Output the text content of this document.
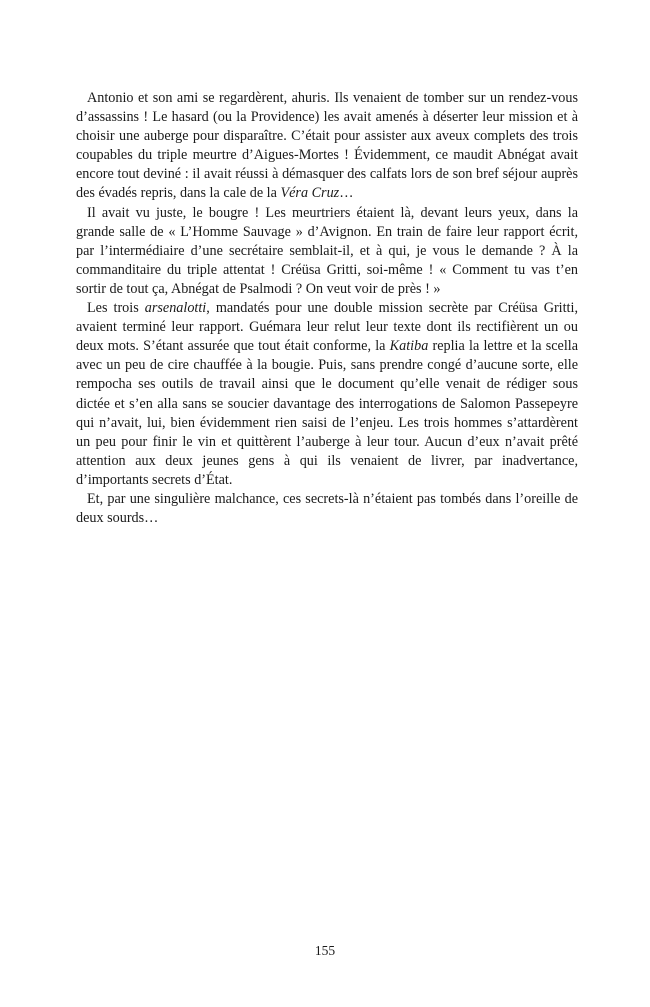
Antonio et son ami se regardèrent, ahuris. Ils venaient de tomber sur un rendez-vous d’assassins ! Le hasard (ou la Providence) les avait amenés à déserter leur mission et à choisir une auberge pour disparaître. C’était pour assister aux aveux complets des trois coupables du triple meurtre d’Aigues-Mortes ! Évidemment, ce maudit Abnégat avait encore tout deviné : il avait réussi à démasquer des calfats lors de son bref séjour auprès des évadés repris, dans la cale de la Véra Cruz…

Il avait vu juste, le bougre ! Les meurtriers étaient là, devant leurs yeux, dans la grande salle de « L’Homme Sauvage » d’Avignon. En train de faire leur rapport écrit, par l’intermédiaire d’une secrétaire semblait-il, et à qui, je vous le demande ? À la commanditaire du triple attentat ! Créüsa Gritti, soi-même ! « Comment tu vas t’en sortir de tout ça, Abnégat de Psalmodi ? On veut voir de près ! »

Les trois arsenalotti, mandatés pour une double mission secrète par Créüsa Gritti, avaient terminé leur rapport. Guémara leur relut leur texte dont ils rectifièrent un ou deux mots. S’étant assurée que tout était conforme, la Katiba replia la lettre et la scella avec un peu de cire chauffée à la bougie. Puis, sans prendre congé d’aucune sorte, elle rempocha ses outils de travail ainsi que le document qu’elle venait de rédiger sous dictée et s’en alla sans se soucier davantage des interrogations de Salomon Passepeyre qui n’avait, lui, bien évidemment rien saisi de l’enjeu. Les trois hommes s’attardèrent un peu pour finir le vin et quittèrent l’auberge à leur tour. Aucun d’eux n’avait prêté attention aux deux jeunes gens à qui ils venaient de livrer, par inadvertance, d’importants secrets d’État.

Et, par une singulière malchance, ces secrets-là n’étaient pas tombés dans l’oreille de deux sourds…

155
